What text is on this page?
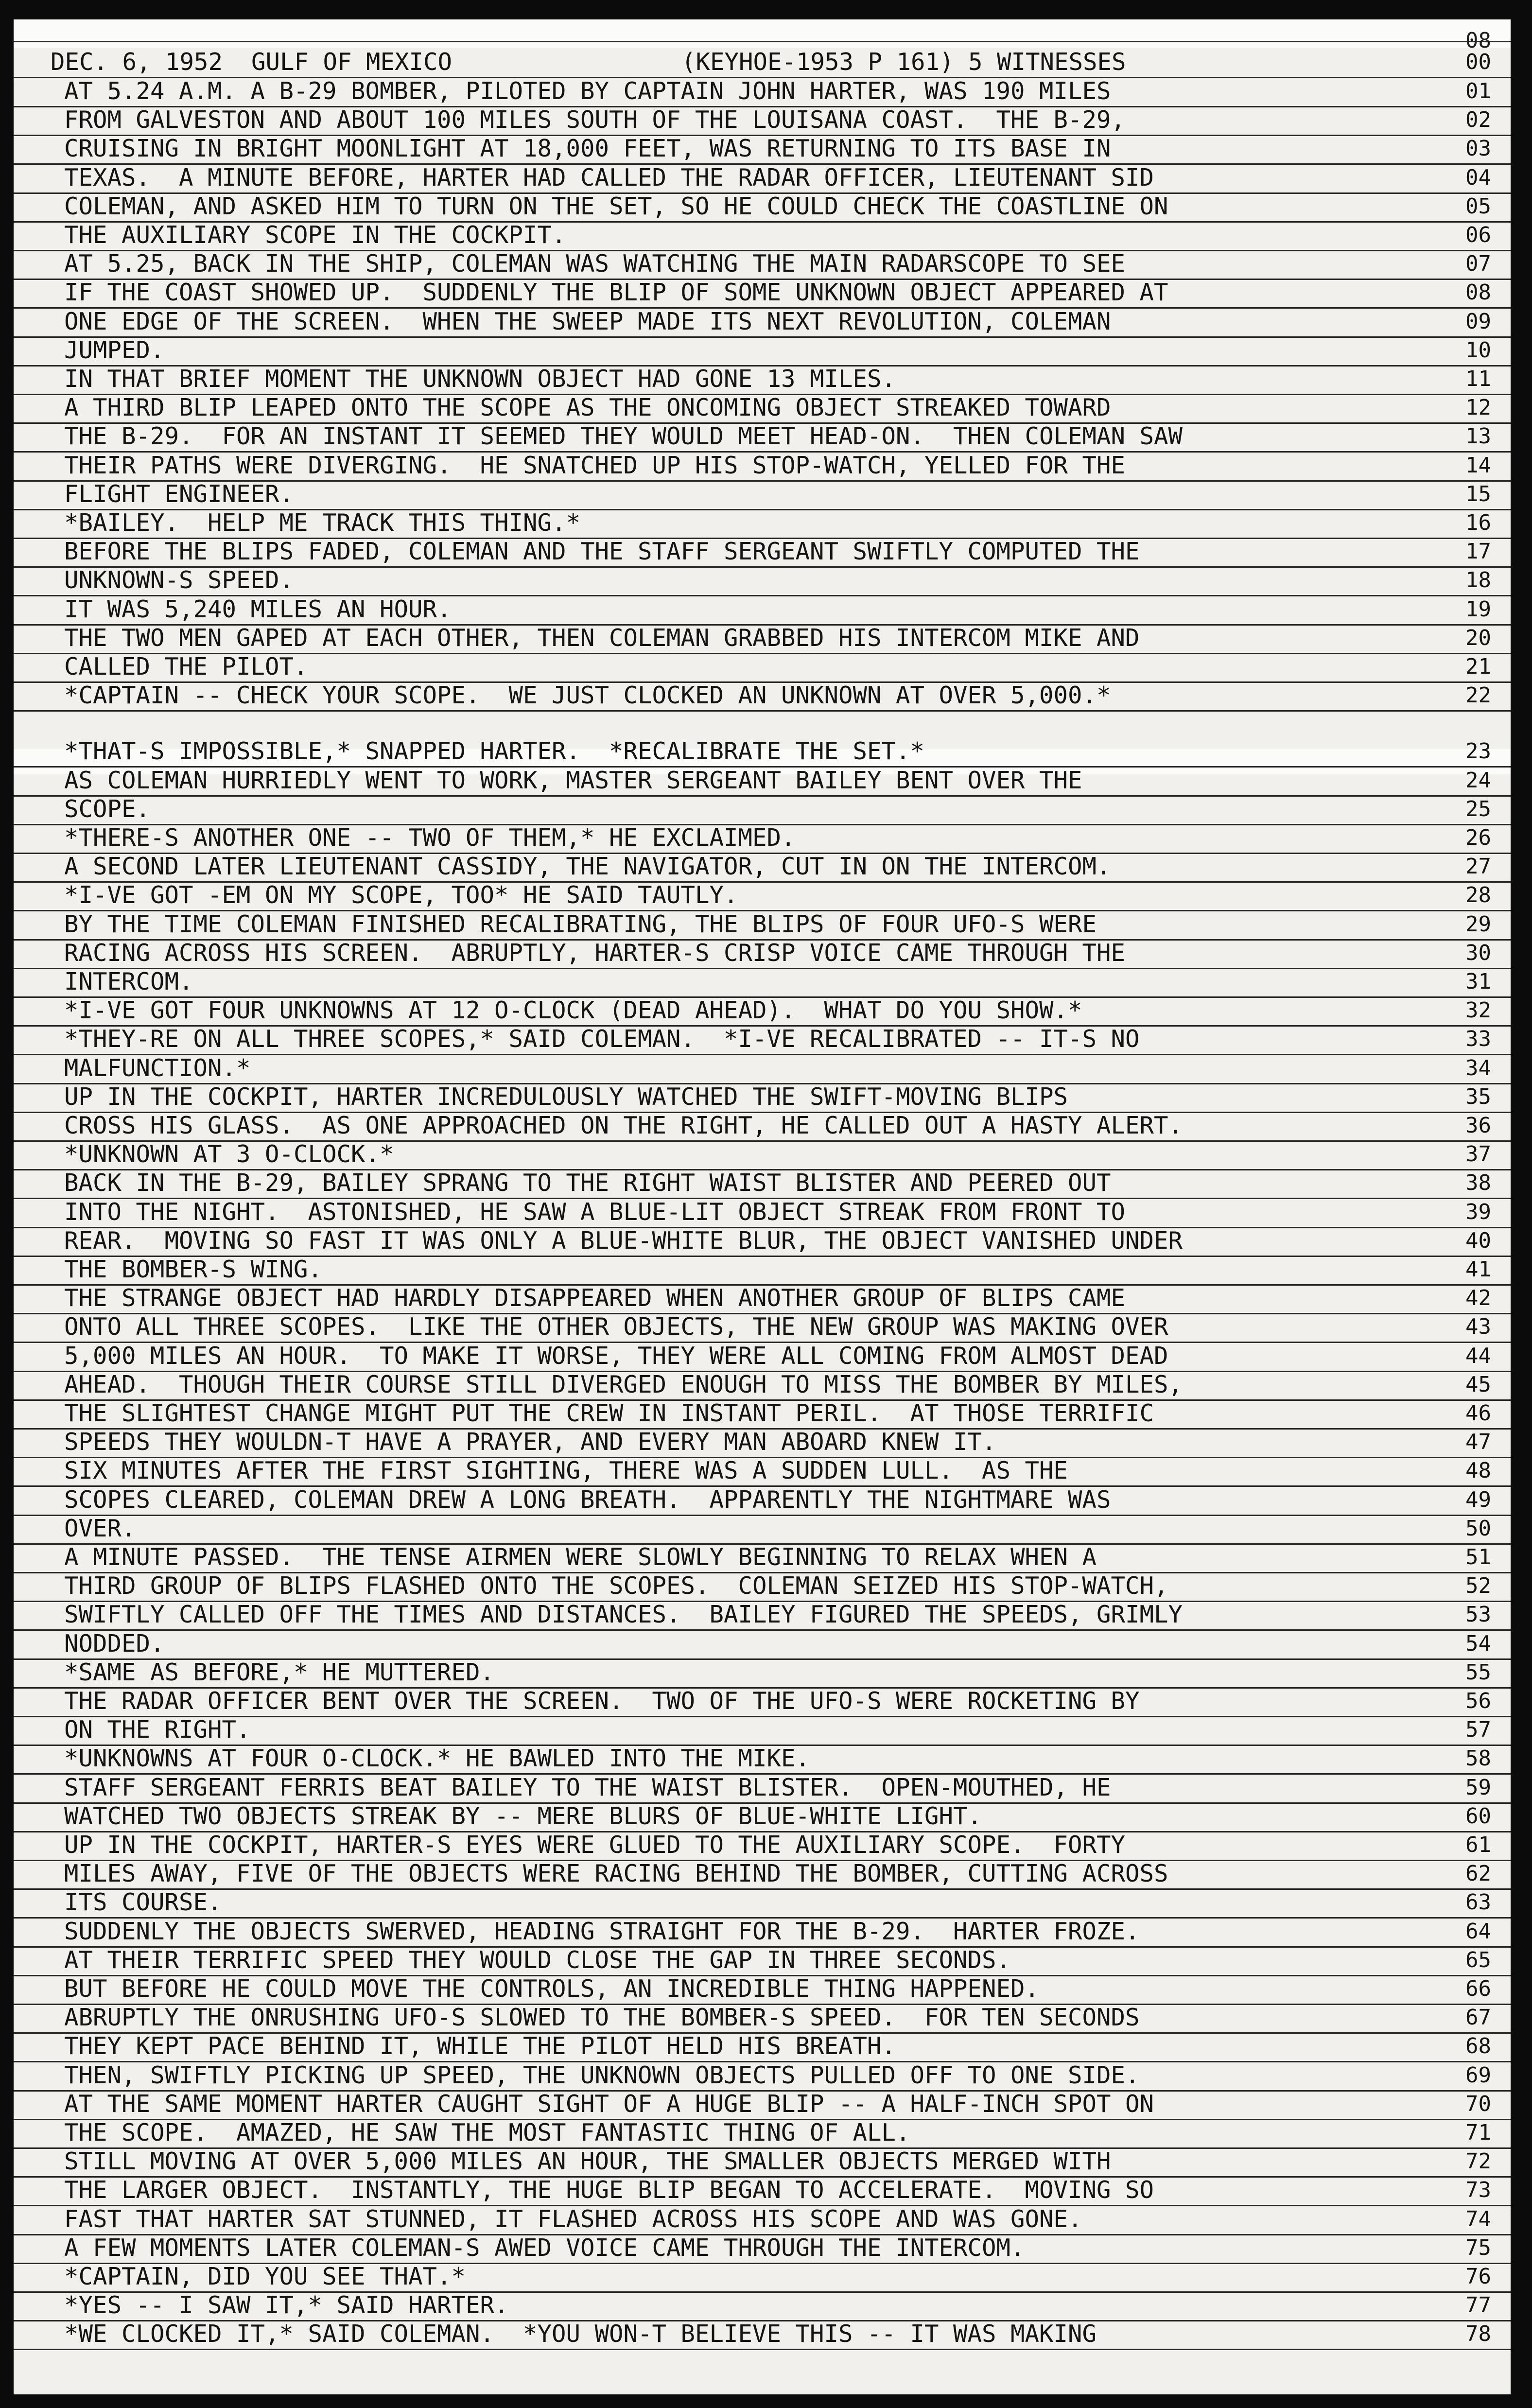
08
DEC. 6, 1952  GULF OF MEXICO                (KEYHOE-1953 P 161) 5 WITNESSES	00
AT 5.24 A.M. A B-29 BOMBER, PILOTED BY CAPTAIN JOHN HARTER, WAS 190 MILES	01
FROM GALVESTON AND ABOUT 100 MILES SOUTH OF THE LOUISANA COAST.  THE B-29,	02
CRUISING IN BRIGHT MOONLIGHT AT 18,000 FEET, WAS RETURNING TO ITS BASE IN	03
TEXAS.  A MINUTE BEFORE, HARTER HAD CALLED THE RADAR OFFICER, LIEUTENANT SID	04
COLEMAN, AND ASKED HIM TO TURN ON THE SET, SO HE COULD CHECK THE COASTLINE ON	05
THE AUXILIARY SCOPE IN THE COCKPIT.	06
AT 5.25, BACK IN THE SHIP, COLEMAN WAS WATCHING THE MAIN RADARSCOPE TO SEE	07
IF THE COAST SHOWED UP.  SUDDENLY THE BLIP OF SOME UNKNOWN OBJECT APPEARED AT	08
ONE EDGE OF THE SCREEN.  WHEN THE SWEEP MADE ITS NEXT REVOLUTION, COLEMAN	09
JUMPED.	10
IN THAT BRIEF MOMENT THE UNKNOWN OBJECT HAD GONE 13 MILES.	11
A THIRD BLIP LEAPED ONTO THE SCOPE AS THE ONCOMING OBJECT STREAKED TOWARD	12
THE B-29.  FOR AN INSTANT IT SEEMED THEY WOULD MEET HEAD-ON.  THEN COLEMAN SAW	13
THEIR PATHS WERE DIVERGING.  HE SNATCHED UP HIS STOP-WATCH, YELLED FOR THE	14
FLIGHT ENGINEER.	15
*BAILEY.  HELP ME TRACK THIS THING.*	16
BEFORE THE BLIPS FADED, COLEMAN AND THE STAFF SERGEANT SWIFTLY COMPUTED THE	17
UNKNOWN-S SPEED.	18
IT WAS 5,240 MILES AN HOUR.	19
THE TWO MEN GAPED AT EACH OTHER, THEN COLEMAN GRABBED HIS INTERCOM MIKE AND	20
CALLED THE PILOT.	21
*CAPTAIN -- CHECK YOUR SCOPE.  WE JUST CLOCKED AN UNKNOWN AT OVER 5,000.*	22
*THAT-S IMPOSSIBLE,* SNAPPED HARTER.  *RECALIBRATE THE SET.*	23
AS COLEMAN HURRIEDLY WENT TO WORK, MASTER SERGEANT BAILEY BENT OVER THE	24
SCOPE.	25
*THERE-S ANOTHER ONE -- TWO OF THEM,* HE EXCLAIMED.	26
A SECOND LATER LIEUTENANT CASSIDY, THE NAVIGATOR, CUT IN ON THE INTERCOM.	27
*I-VE GOT -EM ON MY SCOPE, TOO* HE SAID TAUTLY.	28
BY THE TIME COLEMAN FINISHED RECALIBRATING, THE BLIPS OF FOUR UFO-S WERE	29
RACING ACROSS HIS SCREEN.  ABRUPTLY, HARTER-S CRISP VOICE CAME THROUGH THE	30
INTERCOM.	31
*I-VE GOT FOUR UNKNOWNS AT 12 O-CLOCK (DEAD AHEAD).  WHAT DO YOU SHOW.*	32
*THEY-RE ON ALL THREE SCOPES,* SAID COLEMAN.  *I-VE RECALIBRATED -- IT-S NO	33
MALFUNCTION.*	34
UP IN THE COCKPIT, HARTER INCREDULOUSLY WATCHED THE SWIFT-MOVING BLIPS	35
CROSS HIS GLASS.  AS ONE APPROACHED ON THE RIGHT, HE CALLED OUT A HASTY ALERT.	36
*UNKNOWN AT 3 O-CLOCK.*	37
BACK IN THE B-29, BAILEY SPRANG TO THE RIGHT WAIST BLISTER AND PEERED OUT	38
INTO THE NIGHT.  ASTONISHED, HE SAW A BLUE-LIT OBJECT STREAK FROM FRONT TO	39
REAR.  MOVING SO FAST IT WAS ONLY A BLUE-WHITE BLUR, THE OBJECT VANISHED UNDER	40
THE BOMBER-S WING.	41
THE STRANGE OBJECT HAD HARDLY DISAPPEARED WHEN ANOTHER GROUP OF BLIPS CAME	42
ONTO ALL THREE SCOPES.  LIKE THE OTHER OBJECTS, THE NEW GROUP WAS MAKING OVER	43
5,000 MILES AN HOUR.  TO MAKE IT WORSE, THEY WERE ALL COMING FROM ALMOST DEAD	44
AHEAD.  THOUGH THEIR COURSE STILL DIVERGED ENOUGH TO MISS THE BOMBER BY MILES,	45
THE SLIGHTEST CHANGE MIGHT PUT THE CREW IN INSTANT PERIL.  AT THOSE TERRIFIC	46
SPEEDS THEY WOULDN-T HAVE A PRAYER, AND EVERY MAN ABOARD KNEW IT.	47
SIX MINUTES AFTER THE FIRST SIGHTING, THERE WAS A SUDDEN LULL.  AS THE	48
SCOPES CLEARED, COLEMAN DREW A LONG BREATH.  APPARENTLY THE NIGHTMARE WAS	49
OVER.	50
A MINUTE PASSED.  THE TENSE AIRMEN WERE SLOWLY BEGINNING TO RELAX WHEN A	51
THIRD GROUP OF BLIPS FLASHED ONTO THE SCOPES.  COLEMAN SEIZED HIS STOP-WATCH,	52
SWIFTLY CALLED OFF THE TIMES AND DISTANCES.  BAILEY FIGURED THE SPEEDS, GRIMLY	53
NODDED.	54
*SAME AS BEFORE,* HE MUTTERED.	55
THE RADAR OFFICER BENT OVER THE SCREEN.  TWO OF THE UFO-S WERE ROCKETING BY	56
ON THE RIGHT.	57
*UNKNOWNS AT FOUR O-CLOCK.* HE BAWLED INTO THE MIKE.	58
STAFF SERGEANT FERRIS BEAT BAILEY TO THE WAIST BLISTER.  OPEN-MOUTHED, HE	59
WATCHED TWO OBJECTS STREAK BY -- MERE BLURS OF BLUE-WHITE LIGHT.	60
UP IN THE COCKPIT, HARTER-S EYES WERE GLUED TO THE AUXILIARY SCOPE.  FORTY	61
MILES AWAY, FIVE OF THE OBJECTS WERE RACING BEHIND THE BOMBER, CUTTING ACROSS	62
ITS COURSE.	63
SUDDENLY THE OBJECTS SWERVED, HEADING STRAIGHT FOR THE B-29.  HARTER FROZE.	64
AT THEIR TERRIFIC SPEED THEY WOULD CLOSE THE GAP IN THREE SECONDS.	65
BUT BEFORE HE COULD MOVE THE CONTROLS, AN INCREDIBLE THING HAPPENED.	66
ABRUPTLY THE ONRUSHING UFO-S SLOWED TO THE BOMBER-S SPEED.  FOR TEN SECONDS	67
THEY KEPT PACE BEHIND IT, WHILE THE PILOT HELD HIS BREATH.	68
THEN, SWIFTLY PICKING UP SPEED, THE UNKNOWN OBJECTS PULLED OFF TO ONE SIDE.	69
AT THE SAME MOMENT HARTER CAUGHT SIGHT OF A HUGE BLIP -- A HALF-INCH SPOT ON	70
THE SCOPE.  AMAZED, HE SAW THE MOST FANTASTIC THING OF ALL.	71
STILL MOVING AT OVER 5,000 MILES AN HOUR, THE SMALLER OBJECTS MERGED WITH	72
THE LARGER OBJECT.  INSTANTLY, THE HUGE BLIP BEGAN TO ACCELERATE.  MOVING SO	73
FAST THAT HARTER SAT STUNNED, IT FLASHED ACROSS HIS SCOPE AND WAS GONE.	74
A FEW MOMENTS LATER COLEMAN-S AWED VOICE CAME THROUGH THE INTERCOM.	75
*CAPTAIN, DID YOU SEE THAT.*	76
*YES -- I SAW IT,* SAID HARTER.	77
*WE CLOCKED IT,* SAID COLEMAN.  *YOU WON-T BELIEVE THIS -- IT WAS MAKING	78
